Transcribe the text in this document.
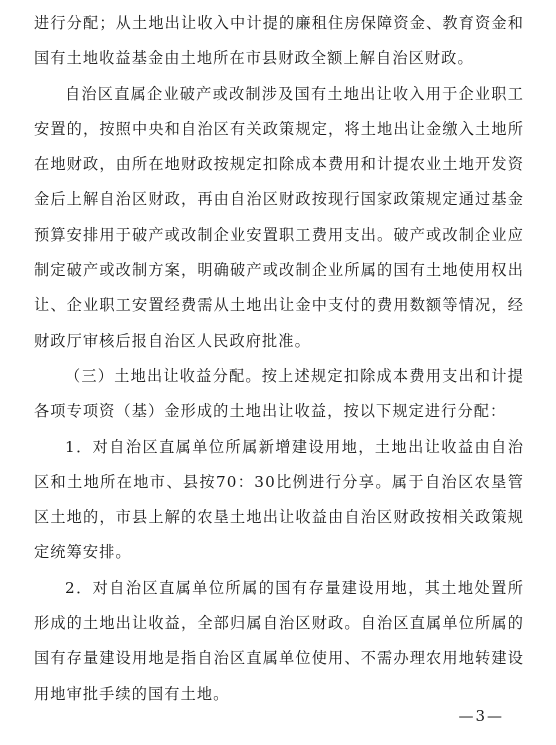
进行分配；从土地出让收入中计提的廉租住房保障资金、教育资金和国有土地收益基金由土地所在市县财政全额上解自治区财政。

自治区直属企业破产或改制涉及国有土地出让收入用于企业职工安置的，按照中央和自治区有关政策规定，将土地出让金缴入土地所在地财政，由所在地财政按规定扣除成本费用和计提农业土地开发资金后上解自治区财政，再由自治区财政按现行国家政策规定通过基金预算安排用于破产或改制企业安置职工费用支出。破产或改制企业应制定破产或改制方案，明确破产或改制企业所属的国有土地使用权出让、企业职工安置经费需从土地出让金中支付的费用数额等情况，经财政厅审核后报自治区人民政府批准。

（三）土地出让收益分配。按上述规定扣除成本费用支出和计提各项专项资（基）金形成的土地出让收益，按以下规定进行分配：

1．对自治区直属单位所属新增建设用地，土地出让收益由自治区和土地所在地市、县按70：30比例进行分享。属于自治区农垦管区土地的，市县上解的农垦土地出让收益由自治区财政按相关政策规定统筹安排。

2．对自治区直属单位所属的国有存量建设用地，其土地处置所形成的土地出让收益，全部归属自治区财政。自治区直属单位所属的国有存量建设用地是指自治区直属单位使用、不需办理农用地转建设用地审批手续的国有土地。

—3—
